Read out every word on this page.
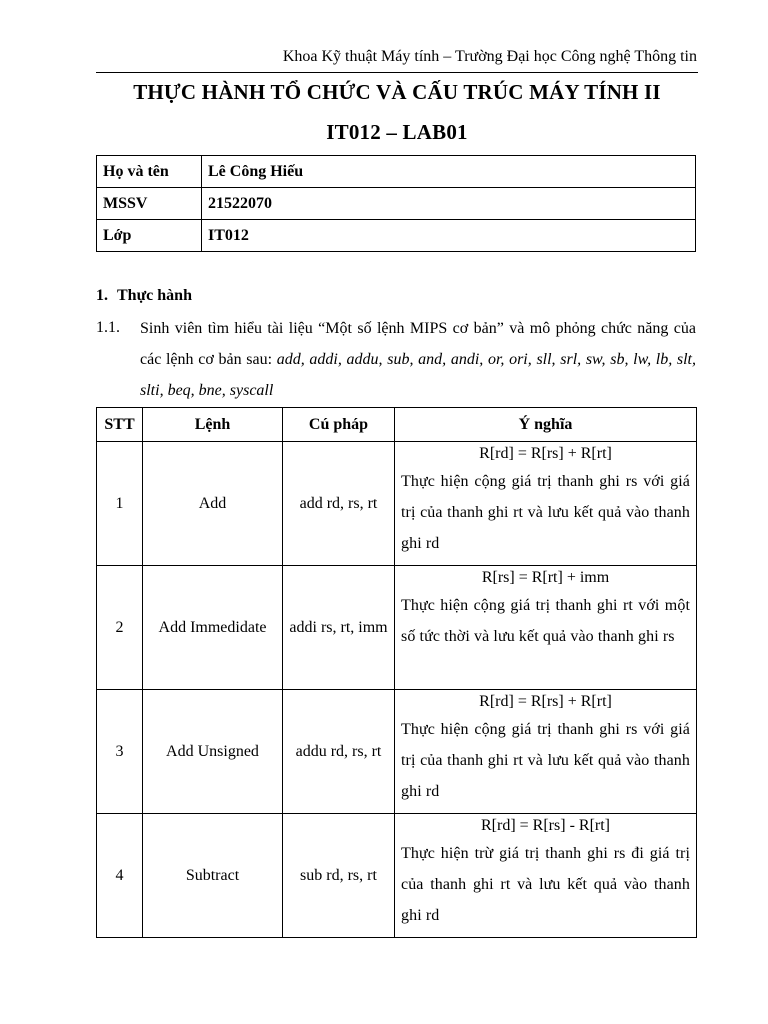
Khoa Kỹ thuật Máy tính – Trường Đại học Công nghệ Thông tin
THỰC HÀNH TỔ CHỨC VÀ CẤU TRÚC MÁY TÍNH II
IT012 – LAB01
Họ và tên	Lê Công Hiếu
MSSV	21522070
Lớp	IT012
1. Thực hành
1.1. Sinh viên tìm hiểu tài liệu “Một số lệnh MIPS cơ bản” và mô phỏng chức năng của các lệnh cơ bản sau: add, addi, addu, sub, and, andi, or, ori, sll, srl, sw, sb, lw, lb, slt, slti, beq, bne, syscall
STT	Lệnh	Cú pháp	Ý nghĩa
1	Add	add rd, rs, rt	R[rd] = R[rs] + R[rt]
Thực hiện cộng giá trị thanh ghi rs với giá trị của thanh ghi rt và lưu kết quả vào thanh ghi rd

2	Add Immedidate	addi rs, rt, imm	R[rs] = R[rt] + imm
Thực hiện cộng giá trị thanh ghi rt với một số tức thời và lưu kết quả vào thanh ghi rs

3	Add Unsigned	addu rd, rs, rt	R[rd] = R[rs] + R[rt]
Thực hiện cộng giá trị thanh ghi rs với giá trị của thanh ghi rt và lưu kết quả vào thanh ghi rd

4	Subtract	sub rd, rs, rt	R[rd] = R[rs] - R[rt]
Thực hiện trừ giá trị thanh ghi rs đi giá trị của thanh ghi rt và lưu kết quả vào thanh ghi rd
